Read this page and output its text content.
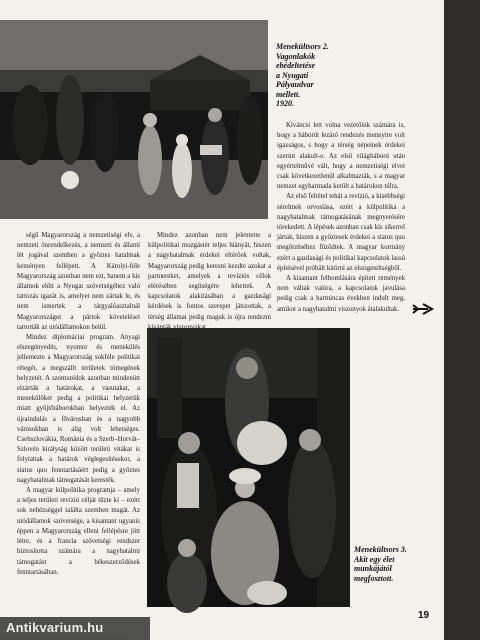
Menekültsors 2.
Vagonlakók ebédeltetése
a Nyugati Pályaudvar
mellett.
1920.

Kíváncsi lett volna vezetőink számára is, hogy a háborút lezáró rendezés mennyire volt igazságos, s hogy a térség népeinek érdekei szerint alakult-e. Az első világháború után egyértelművé vált, hogy a nemzetiségi elvet csak következetlenül alkalmazták, s a magyar nemzet egyharmada került a határokon túlra.

Az első feltétel tehát a revízió, a kisebbségi sérelmek orvoslása, ezért a külpolitika a nagyhatalmak támogatásának megnyerésére törekedett. A lépések azonban csak kis sikerrel jártak, hiszen a győztesek érdekei a status quo megőrzéséhez fűződtek. A magyar kormány ezért a gazdasági és politikai kapcsolatok lassú építésével próbált kitörni az elszigeteltségből.

A kisantant felbomlására épített remények nem váltak valóra, a kapcsolatok javulása pedig csak a harmincas években indult meg, amikor a nagyhatalmi viszonyok átalakultak.

ségű Magyarország a nemzetiségi elv, a nemzeti önrendelkezés, a nemzeti és állami lét jogával szemben a győztes hatalmak keményen fellépett. A Károlyi-féle Magyarország azonban nem ezt, hanem a kis államok előtt a Nyugat szövetségéhez való tartozás igazát is, amelyet nem zártak le, és nem ismertek a tárgyalóasztalnál Magyarországot a pártok követelései tartották az utódállamokon belül.

Mindez diplomáciai program. Anyagi elszegényedés, nyomor és menekülés jellemezte a Magyarország sokféle politikai rétegét, a megszállt területek tömegének helyzetét. A szomszédok azonban mindenütt elzárták a határokat, a vasutakat, a menekülőket pedig a politikai helyzetük miatt gyűjtőtáborokban helyezték el. Az újraindulás a fővárosban és a nagyobb városokban is alig volt lehetséges. Csehszlovákia, Románia és a Szerb–Horvát–Szlovén királyság között területi vitákat is folytattak a határok véglegesítésekor, a status quo fenntartásáért pedig a győztes nagyhatalmak támogatását keresték.

A magyar külpolitika programja – amely a teljes területi revízió célját tűzte ki – ezért sok nehézséggel találta szemben magát. Az utódállamok szövetsége, a kisantant ugyanis éppen a Magyarország elleni fellépésre jött létre, és a francia szövetségi rendszer biztosította számára a nagyhatalmi támogatást a békeszerződések fenntartásában.

Mindez azonban nem jelentette a külpolitikai mozgástér teljes hiányát, hiszen a nagyhatalmak érdekei eltérőek voltak, Magyarország pedig keresni kezdte azokat a partnereket, amelyek a revíziós célok elérésében segítségére lehettek. A kapcsolatok alakításában a gazdasági kérdések is fontos szerepet játszottak, a térség államai pedig maguk is újra rendezni

Menekültsors 3.
Akit egy élet
munkájától
megfosztott.
19
Antikvarium.hu
